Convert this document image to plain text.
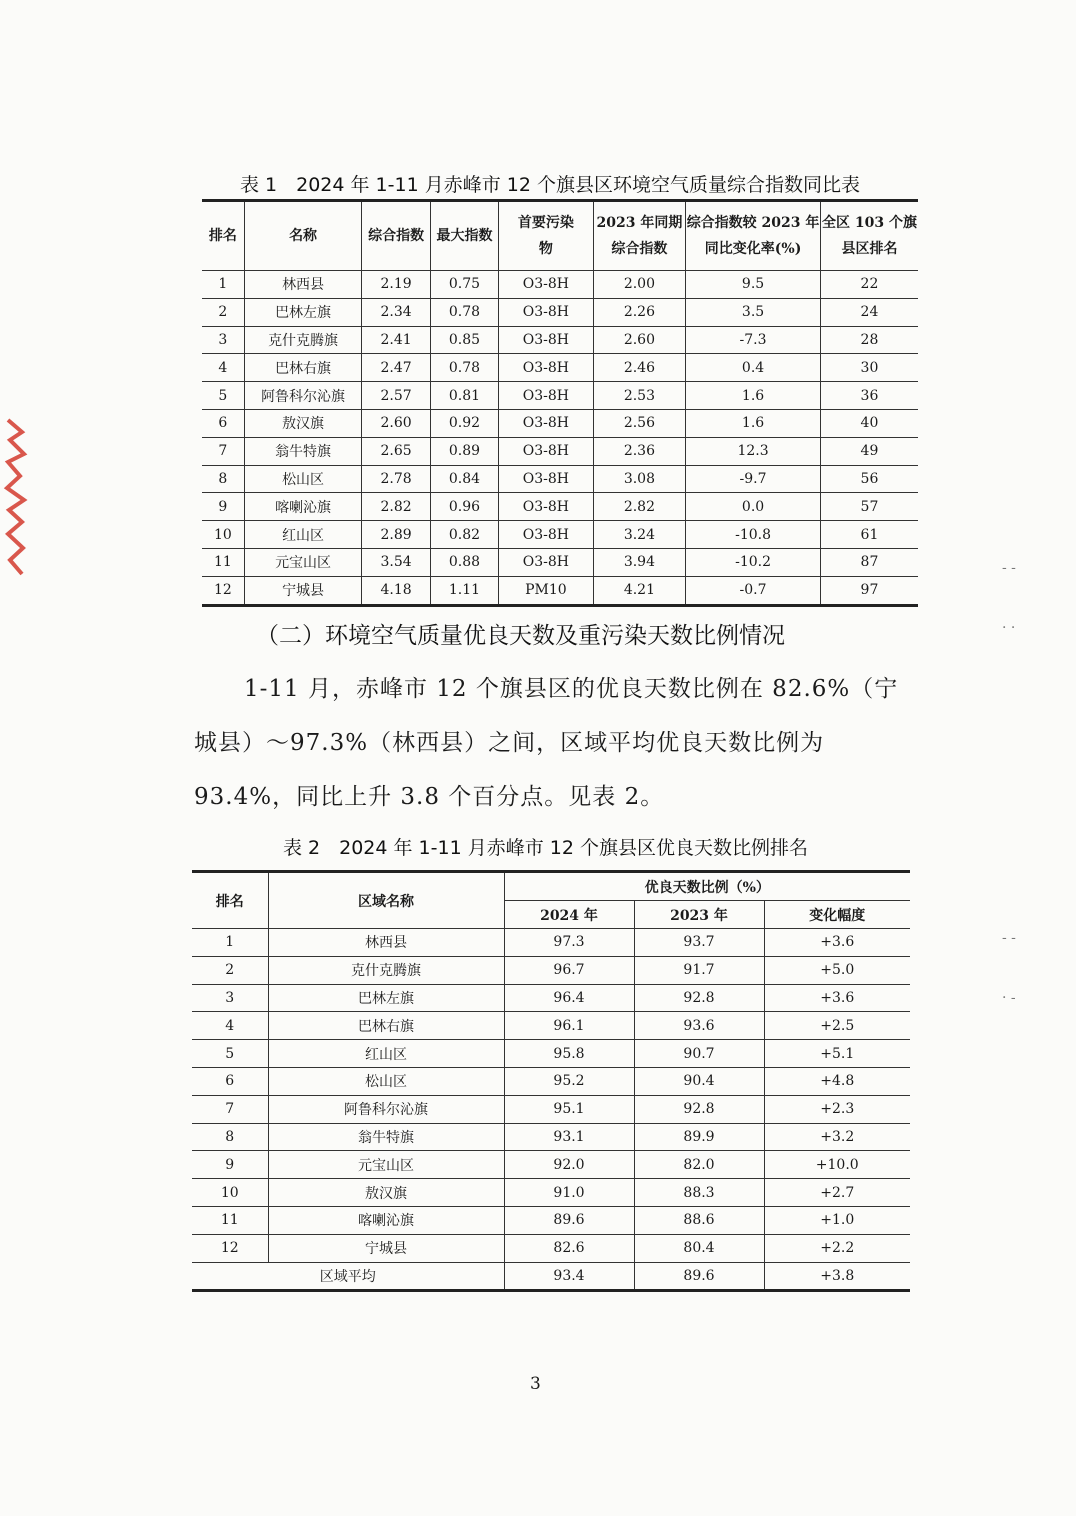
- -
· ·
- -
· -
表 1　2024 年 1-11 月赤峰市 12 个旗县区环境空气质量综合指数同比表
排名	名称	综合指数	最大指数	首要污染物	2023 年同期综合指数	综合指数较 2023 年同比变化率(%)	全区 103 个旗县区排名
1	林西县	2.19	0.75	O3-8H	2.00	9.5	22
2	巴林左旗	2.34	0.78	O3-8H	2.26	3.5	24
3	克什克腾旗	2.41	0.85	O3-8H	2.60	-7.3	28
4	巴林右旗	2.47	0.78	O3-8H	2.46	0.4	30
5	阿鲁科尔沁旗	2.57	0.81	O3-8H	2.53	1.6	36
6	敖汉旗	2.60	0.92	O3-8H	2.56	1.6	40
7	翁牛特旗	2.65	0.89	O3-8H	2.36	12.3	49
8	松山区	2.78	0.84	O3-8H	3.08	-9.7	56
9	喀喇沁旗	2.82	0.96	O3-8H	2.82	0.0	57
10	红山区	2.89	0.82	O3-8H	3.24	-10.8	61
11	元宝山区	3.54	0.88	O3-8H	3.94	-10.2	87
12	宁城县	4.18	1.11	PM10	4.21	-0.7	97
（二）环境空气质量优良天数及重污染天数比例情况
1-11 月，赤峰市 12 个旗县区的优良天数比例在 82.6%（宁城县）～97.3%（林西县）之间，区域平均优良天数比例为 93.4%，同比上升 3.8 个百分点。见表 2。
表 2　2024 年 1-11 月赤峰市 12 个旗县区优良天数比例排名
排名	区域名称	优良天数比例（%）		
		2024 年	2023 年	变化幅度
1	林西县	97.3	93.7	+3.6
2	克什克腾旗	96.7	91.7	+5.0
3	巴林左旗	96.4	92.8	+3.6
4	巴林右旗	96.1	93.6	+2.5
5	红山区	95.8	90.7	+5.1
6	松山区	95.2	90.4	+4.8
7	阿鲁科尔沁旗	95.1	92.8	+2.3
8	翁牛特旗	93.1	89.9	+3.2
9	元宝山区	92.0	82.0	+10.0
10	敖汉旗	91.0	88.3	+2.7
11	喀喇沁旗	89.6	88.6	+1.0
12	宁城县	82.6	80.4	+2.2
区域平均		93.4	89.6	+3.8
3
